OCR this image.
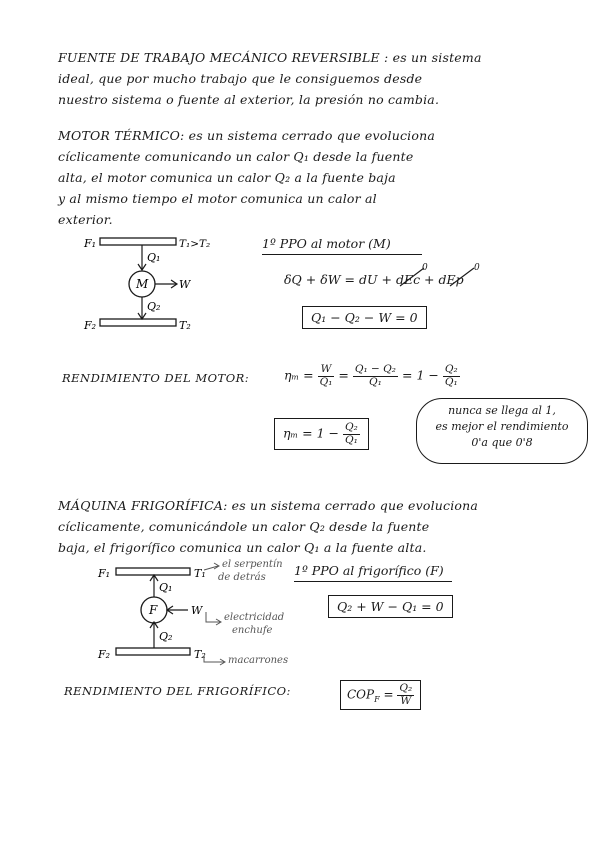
FUENTE DE TRABAJO MECÁNICO REVERSIBLE : es un sistema
ideal, que por mucho trabajo que le consiguemos desde
nuestro sistema o fuente al exterior, la presión no cambia.
MOTOR TÉRMICO: es un sistema cerrado que evoluciona
cíclicamente comunicando un calor Q₁ desde la fuente
alta, el motor comunica un calor Q₂ a la fuente baja
y al mismo tiempo el motor comunica un calor al
exterior.
F₁	T₁>T₂
Q₁
M	W
Q₂
F₂	T₂
1º PPO al motor (M)
δQ + δW = dU + dEc + dEp
0	0
Q₁ − Q₂ − W = 0
RENDIMIENTO DEL MOTOR:	$\eta_m = \frac{W}{\text{Q₁}} = \frac{\text{Q₁ − Q₂}}{\text{Q₁}} = 1 - \frac{\text{Q₂}}{\text{Q₁}}$
$\eta_m = 1 - \frac{\text{Q₂}}{\text{Q₁}}$
nunca se llega al 1,
es mejor el rendimiento
0'a que 0'8
MÁQUINA FRIGORÍFICA: es un sistema cerrado que evoluciona
cíclicamente, comunicándole un calor Q₂ desde la fuente
baja, el frigorífico comunica un calor Q₁ a la fuente alta.
F₁	T₁
Q₁
F	W
Q₂
F₂	T₂
el serpentín
de detrás
electricidad
enchufe
macarrones
1º PPO al frigorífico (F)
Q₂ + W − Q₁ = 0
RENDIMIENTO DEL FRIGORÍFICO:	$COP_F = \frac{\text{Q₂}}{W}$
